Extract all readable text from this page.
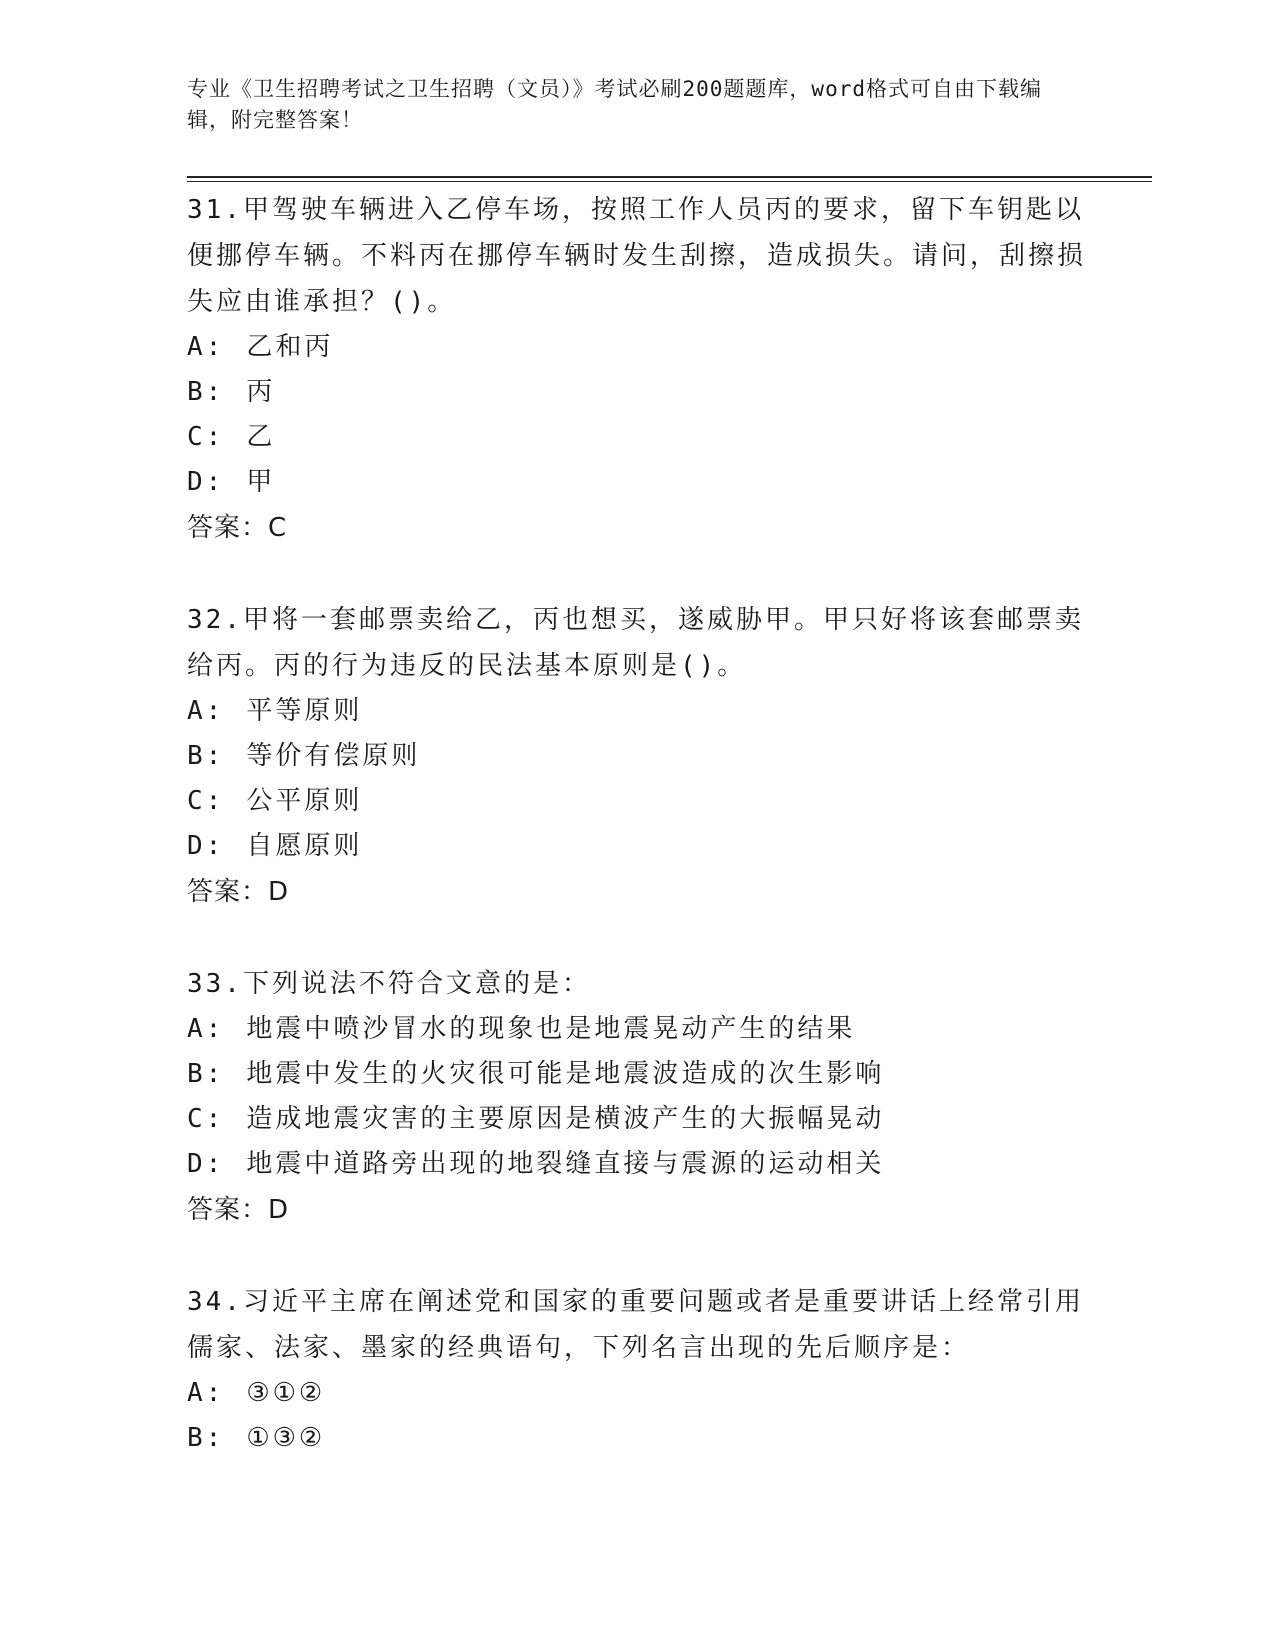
专业《卫生招聘考试之卫生招聘（文员）》考试必刷200题题库，word格式可自由下载编辑，附完整答案！
31.甲驾驶车辆进入乙停车场，按照工作人员丙的要求，留下车钥匙以便挪停车辆。不料丙在挪停车辆时发生刮擦，造成损失。请问，刮擦损失应由谁承担？()。
A: 乙和丙
B: 丙
C: 乙
D: 甲
答案：C
32.甲将一套邮票卖给乙，丙也想买，遂威胁甲。甲只好将该套邮票卖给丙。丙的行为违反的民法基本原则是()。
A: 平等原则
B: 等价有偿原则
C: 公平原则
D: 自愿原则
答案：D
33.下列说法不符合文意的是：
A: 地震中喷沙冒水的现象也是地震晃动产生的结果
B: 地震中发生的火灾很可能是地震波造成的次生影响
C: 造成地震灾害的主要原因是横波产生的大振幅晃动
D: 地震中道路旁出现的地裂缝直接与震源的运动相关
答案：D
34.习近平主席在阐述党和国家的重要问题或者是重要讲话上经常引用儒家、法家、墨家的经典语句，下列名言出现的先后顺序是：
A: ③①②
B: ①③②
